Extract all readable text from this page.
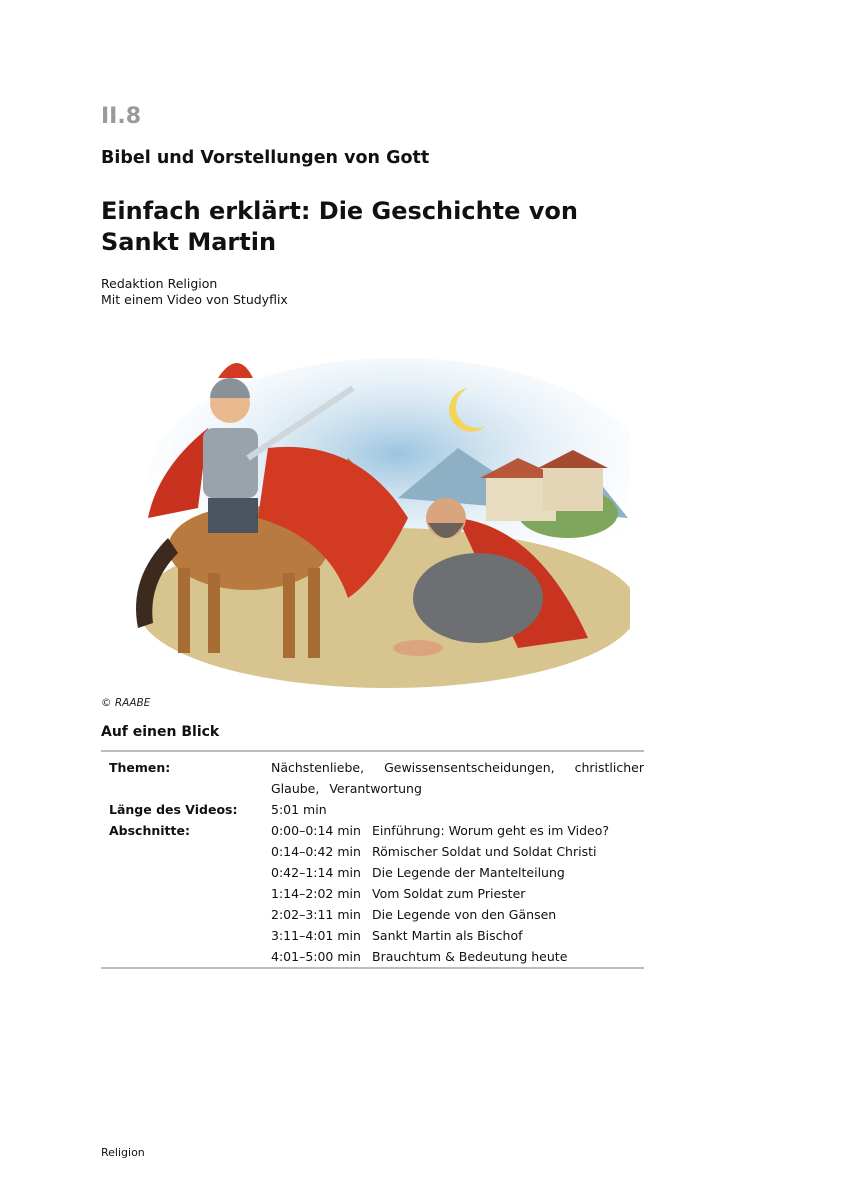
II.8
Bibel und Vorstellungen von Gott
Einfach erklärt: Die Geschichte von Sankt Martin
Redaktion Religion
Mit einem Video von Studyflix
© RAABE
Auf einen Blick
Themen:	Nächstenliebe, Gewissensentscheidungen, christlicher Glaube, Verantwortung
Länge des Videos:	5:01 min
Abschnitte:	0:00–0:14 min Einführung: Worum geht es im Video?
0:14–0:42 min Römischer Soldat und Soldat Christi
0:42–1:14 min Die Legende der Mantelteilung
1:14–2:02 min Vom Soldat zum Priester
2:02–3:11 min Die Legende von den Gänsen
3:11–4:01 min Sankt Martin als Bischof
4:01–5:00 min Brauchtum & Bedeutung heute
Religion
